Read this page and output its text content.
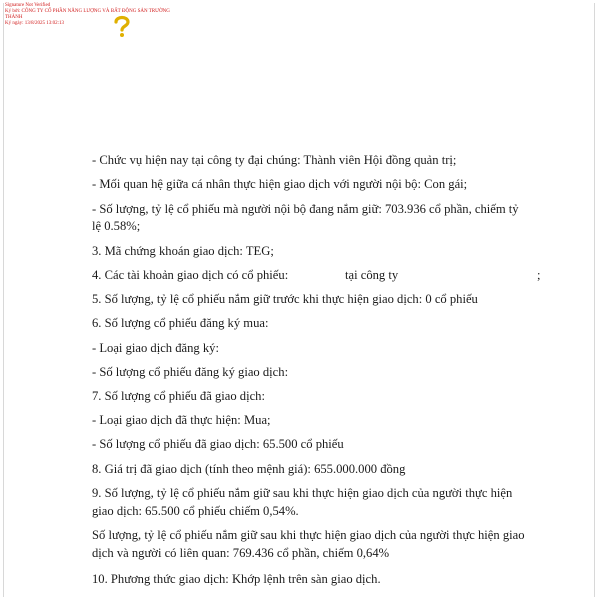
Signature Not Verified
Ký bởi: CÔNG TY CỔ PHẦN NĂNG LƯỢNG VÀ BẤT ĐỘNG SẢN TRƯỜNG
THÀNH
Ký ngày: 13/8/2025 13:02:13
- Chức vụ hiện nay tại công ty đại chúng: Thành viên Hội đồng quản trị;
- Mối quan hệ giữa cá nhân thực hiện giao dịch với người nội bộ: Con gái;
- Số lượng, tỷ lệ cổ phiếu mà người nội bộ đang nắm giữ: 703.936 cổ phần, chiếm tỷ
lệ 0.58%;
3. Mã chứng khoán giao dịch: TEG;
4. Các tài khoản giao dịch có cổ phiếu:	tại công ty	;
5. Số lượng, tỷ lệ cổ phiếu nắm giữ trước khi thực hiện giao dịch: 0 cổ phiếu
6. Số lượng cổ phiếu đăng ký mua:
- Loại giao dịch đăng ký:
- Số lượng cổ phiếu đăng ký giao dịch:
7. Số lượng cổ phiếu đã giao dịch:
- Loại giao dịch đã thực hiện: Mua;
- Số lượng cổ phiếu đã giao dịch: 65.500 cổ phiếu
8. Giá trị đã giao dịch (tính theo mệnh giá): 655.000.000 đồng
9. Số lượng, tỷ lệ cổ phiếu nắm giữ sau khi thực hiện giao dịch của người thực hiện
giao dịch: 65.500 cổ phiếu chiếm 0,54%.
Số lượng, tỷ lệ cổ phiếu nắm giữ sau khi thực hiện giao dịch của người thực hiện giao
dịch và người có liên quan: 769.436 cổ phần, chiếm 0,64%
10. Phương thức giao dịch: Khớp lệnh trên sàn giao dịch.
